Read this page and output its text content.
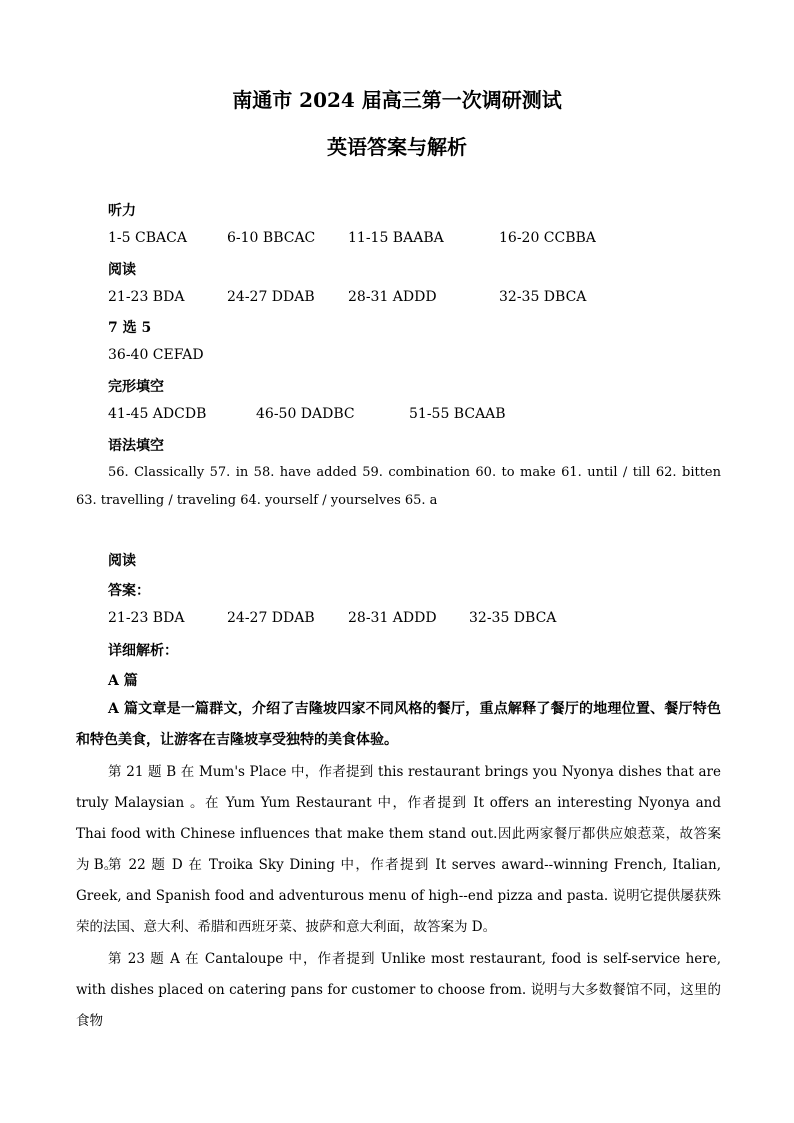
南通市 2024 届高三第一次调研测试
英语答案与解析
听力
1-5 CBACA	6-10 BBCAC 11-15 BAABA	16-20 CCBBA
阅读
21-23 BDA	24-27 DDAB 28-31 ADDD	32-35 DBCA
7 选 5
36-40 CEFAD
完形填空
41-45 ADCDB	46-50 DADBC	51-55 BCAAB
语法填空

56. Classically 57. in 58. have added 59. combination 60. to make 61. until / till 62. bitten 63. travelling / traveling 64. yourself / yourselves 65. a

阅读
答案：
21-23 BDA	24-27 DDAB 28-31 ADDD 32-35 DBCA
详细解析：
A 篇

A 篇文章是一篇群文，介绍了吉隆坡四家不同风格的餐厅，重点解释了餐厅的地理位置、餐厅特色和特色美食，让游客在吉隆坡享受独特的美食体验。

第 21 题 B 在 Mum's Place 中，作者提到 this restaurant brings you Nyonya dishes that are truly Malaysian 。在 Yum Yum Restaurant 中，作者提到 It offers an interesting Nyonya and Thai food with Chinese influences that make them stand out.因此两家餐厅都供应娘惹菜，故答案为 B。

第 22 题 D 在 Troika Sky Dining 中，作者提到 It serves award--winning French, Italian, Greek, and Spanish food and adventurous menu of high--end pizza and pasta. 说明它提供屡获殊荣的法国、意大利、希腊和西班牙菜、披萨和意大利面，故答案为 D。

第 23 题 A 在 Cantaloupe 中，作者提到 Unlike most restaurant, food is self-service here, with dishes placed on catering pans for customer to choose from. 说明与大多数餐馆不同，这里的食物
